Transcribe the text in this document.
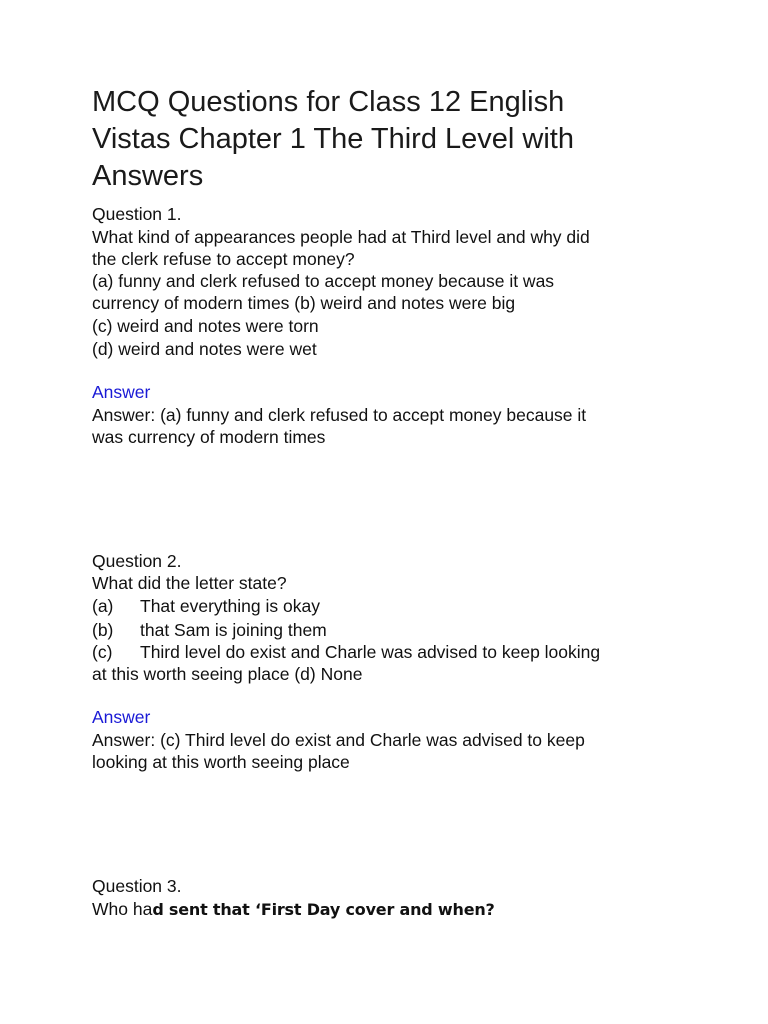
MCQ Questions for Class 12 English
Vistas Chapter 1 The Third Level with
Answers
Question 1.
What kind of appearances people had at Third level and why did
the clerk refuse to accept money?
(a) funny and clerk refused to accept money because it was
currency of modern times (b) weird and notes were big
(c) weird and notes were torn
(d) weird and notes were wet
Answer
Answer: (a) funny and clerk refused to accept money because it
was currency of modern times
Question 2.
What did the letter state?
(a) That everything is okay
(b) that Sam is joining them
(c) Third level do exist and Charle was advised to keep looking
at this worth seeing place (d) None
Answer
Answer: (c) Third level do exist and Charle was advised to keep
looking at this worth seeing place
Question 3.
Who had sent that ‘First Day cover and when?
